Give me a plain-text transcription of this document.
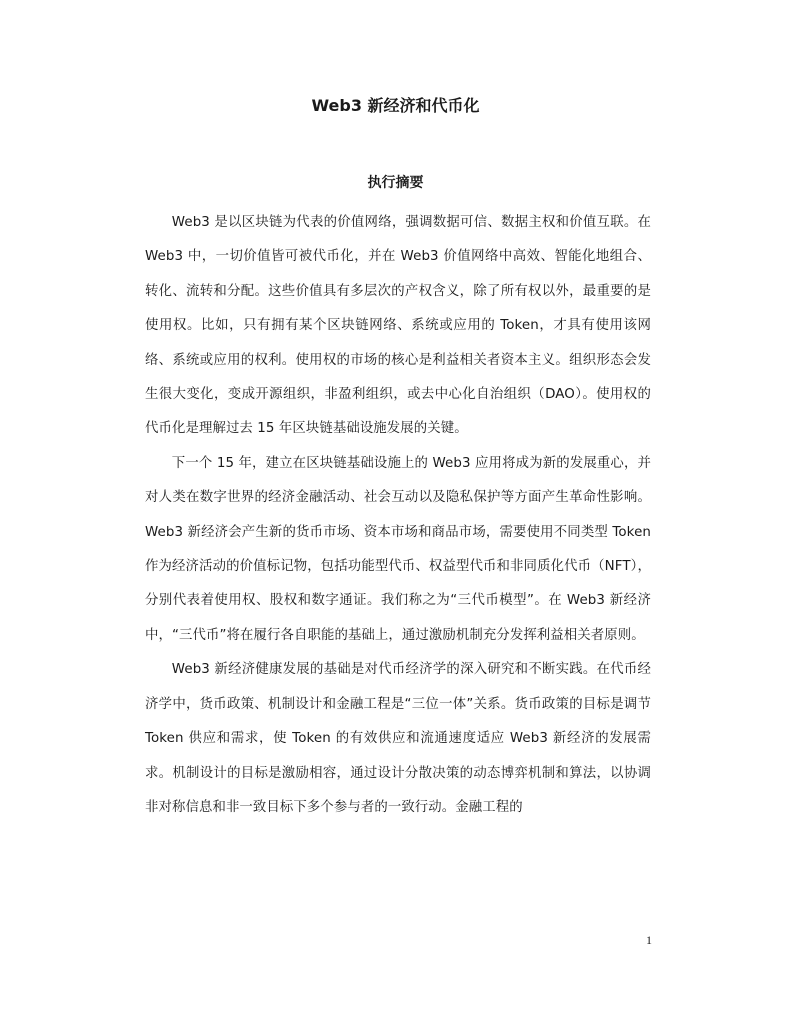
Web3 新经济和代币化
执行摘要

Web3 是以区块链为代表的价值网络，强调数据可信、数据主权和价值互联。在 Web3 中，一切价值皆可被代币化，并在 Web3 价值网络中高效、智能化地组合、转化、流转和分配。这些价值具有多层次的产权含义，除了所有权以外，最重要的是使用权。比如，只有拥有某个区块链网络、系统或应用的 Token，才具有使用该网络、系统或应用的权利。使用权的市场的核心是利益相关者资本主义。组织形态会发生很大变化，变成开源组织，非盈利组织，或去中心化自治组织（DAO）。使用权的代币化是理解过去 15 年区块链基础设施发展的关键。

下一个 15 年，建立在区块链基础设施上的 Web3 应用将成为新的发展重心，并对人类在数字世界的经济金融活动、社会互动以及隐私保护等方面产生革命性影响。Web3 新经济会产生新的货币市场、资本市场和商品市场，需要使用不同类型 Token 作为经济活动的价值标记物，包括功能型代币、权益型代币和非同质化代币（NFT），分别代表着使用权、股权和数字通证。我们称之为“三代币模型”。在 Web3 新经济中，“三代币”将在履行各自职能的基础上，通过激励机制充分发挥利益相关者原则。

Web3 新经济健康发展的基础是对代币经济学的深入研究和不断实践。在代币经济学中，货币政策、机制设计和金融工程是“三位一体”关系。货币政策的目标是调节 Token 供应和需求，使 Token 的有效供应和流通速度适应 Web3 新经济的发展需求。机制设计的目标是激励相容，通过设计分散决策的动态博弈机制和算法，以协调非对称信息和非一致目标下多个参与者的一致行动。金融工程的

1
